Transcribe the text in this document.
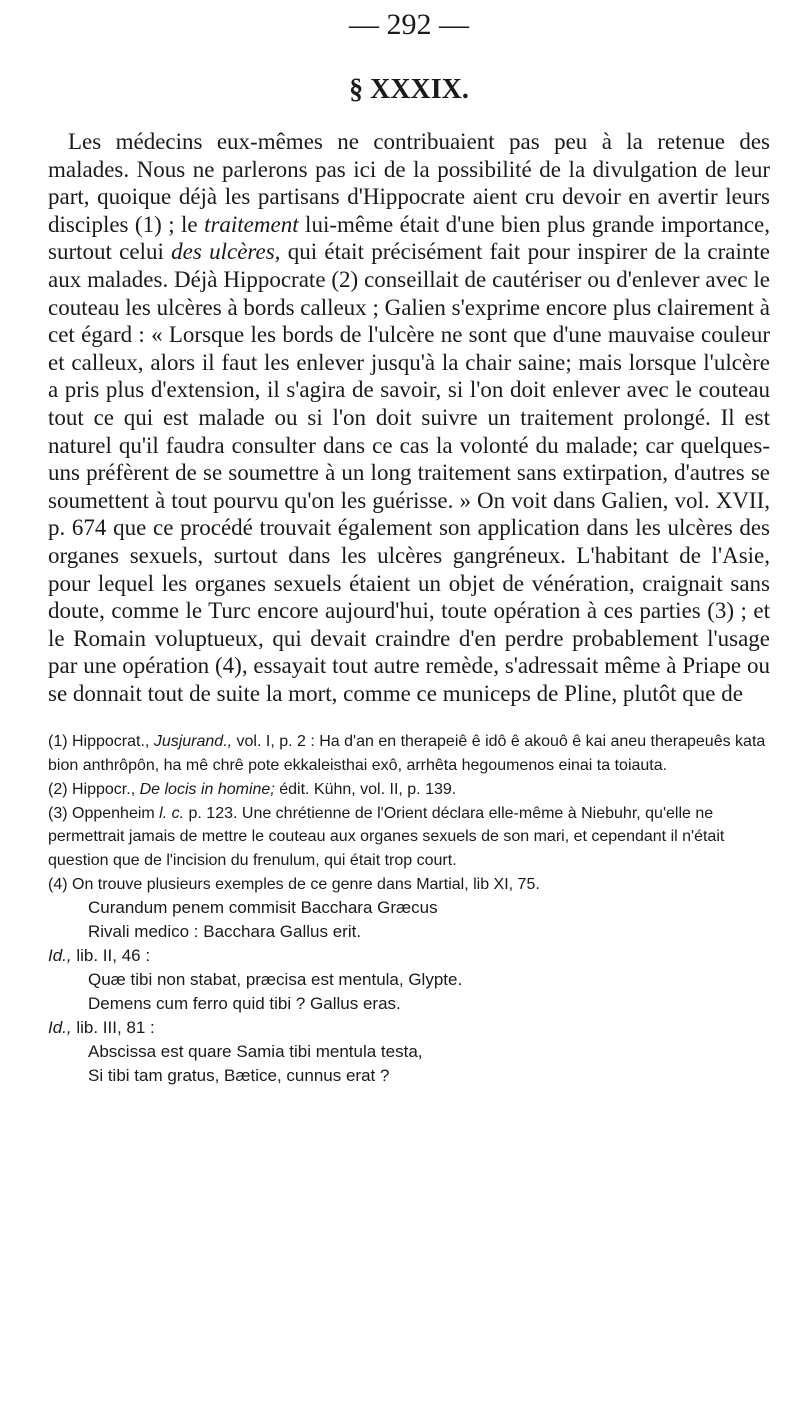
— 292 —
§ XXXIX.

Les médecins eux-mêmes ne contribuaient pas peu à la retenue des malades. Nous ne parlerons pas ici de la possibilité de la divulgation de leur part, quoique déjà les partisans d'Hippocrate aient cru devoir en avertir leurs disciples (1) ; le traitement lui-même était d'une bien plus grande importance, surtout celui des ulcères, qui était précisément fait pour inspirer de la crainte aux malades. Déjà Hippocrate (2) conseillait de cautériser ou d'enlever avec le couteau les ulcères à bords calleux ; Galien s'exprime encore plus clairement à cet égard : « Lorsque les bords de l'ulcère ne sont que d'une mauvaise couleur et calleux, alors il faut les enlever jusqu'à la chair saine; mais lorsque l'ulcère a pris plus d'extension, il s'agira de savoir, si l'on doit enlever avec le couteau tout ce qui est malade ou si l'on doit suivre un traitement prolongé. Il est naturel qu'il faudra consulter dans ce cas la volonté du malade; car quelques-uns préfèrent de se soumettre à un long traitement sans extirpation, d'autres se soumettent à tout pourvu qu'on les guérisse. » On voit dans Galien, vol. XVII, p. 674 que ce procédé trouvait également son application dans les ulcères des organes sexuels, surtout dans les ulcères gangréneux. L'habitant de l'Asie, pour lequel les organes sexuels étaient un objet de vénération, craignait sans doute, comme le Turc encore aujourd'hui, toute opération à ces parties (3) ; et le Romain voluptueux, qui devait craindre d'en perdre probablement l'usage par une opération (4), essayait tout autre remède, s'adressait même à Priape ou se donnait tout de suite la mort, comme ce municeps de Pline, plutôt que de

(1) Hippocrat., Jusjurand., vol. I, p. 2 : Ha d'an en therapeiê ê idô ê akouô ê kai aneu therapeuês kata bion anthrôpôn, ha mê chrê pote ekkaleisthai exô, arrhêta hegoumenos einai ta toiauta.
(2) Hippocr., De locis in homine; édit. Kühn, vol. II, p. 139.
(3) Oppenheim l. c. p. 123. Une chrétienne de l'Orient déclara elle-même à Niebuhr, qu'elle ne permettrait jamais de mettre le couteau aux organes sexuels de son mari, et cependant il n'était question que de l'incision du frenulum, qui était trop court.
(4) On trouve plusieurs exemples de ce genre dans Martial, lib XI, 75.
Curandum penem commisit Bacchara Græcus
Rivali medico : Bacchara Gallus erit.
Id., lib. II, 46 :
Quæ tibi non stabat, præcisa est mentula, Glypte.
Demens cum ferro quid tibi ? Gallus eras.
Id., lib. III, 81 :
Abscissa est quare Samia tibi mentula testa,
Si tibi tam gratus, Bætice, cunnus erat ?
